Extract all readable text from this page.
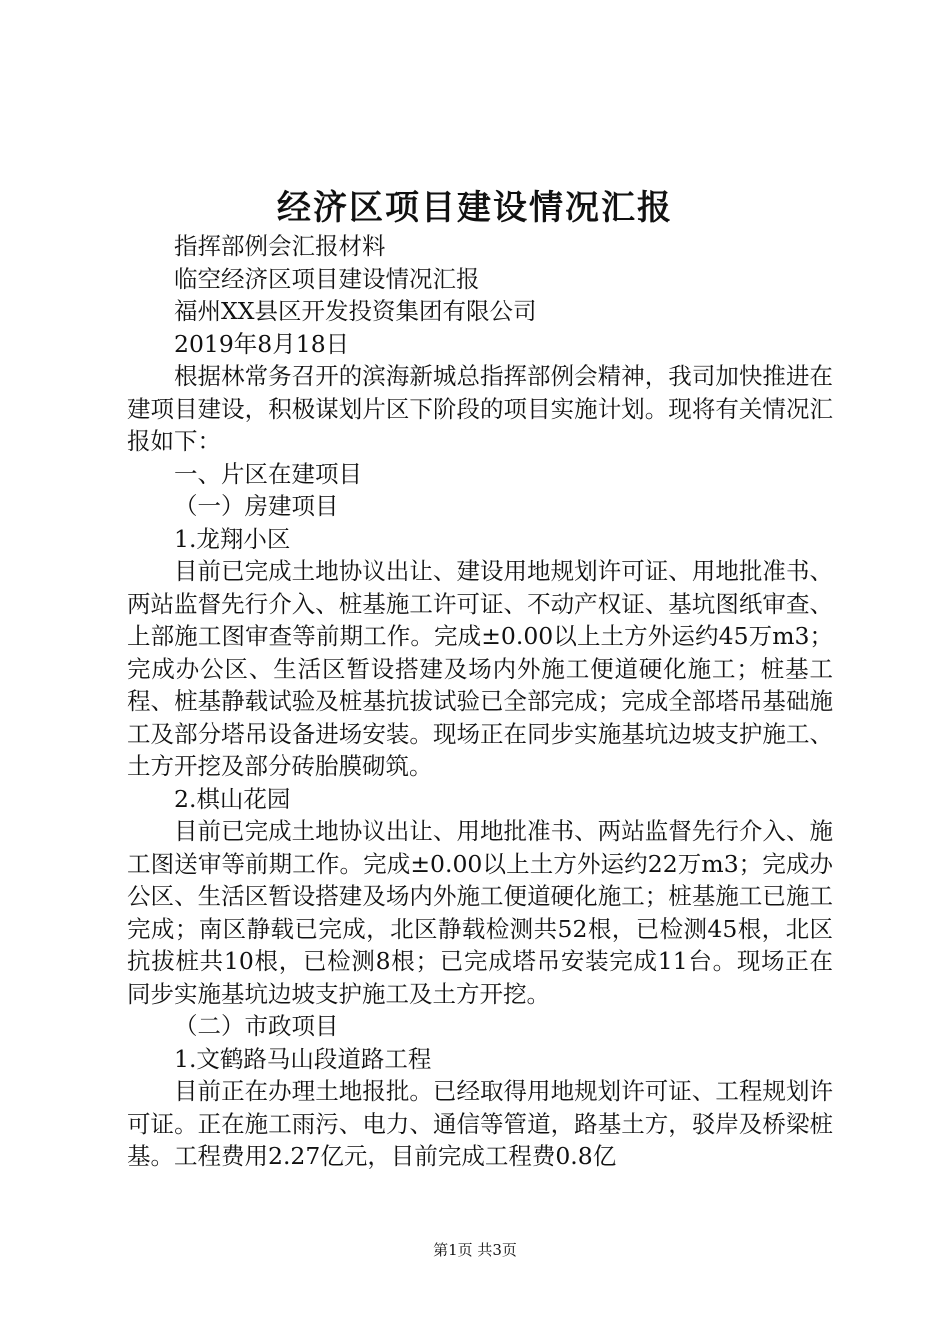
经济区项目建设情况汇报

指挥部例会汇报材料

临空经济区项目建设情况汇报

福州XX县区开发投资集团有限公司

2019年8月18日

根据林常务召开的滨海新城总指挥部例会精神，我司加快推进在建项目建设，积极谋划片区下阶段的项目实施计划。现将有关情况汇报如下：

一、片区在建项目

（一）房建项目

1.龙翔小区

目前已完成土地协议出让、建设用地规划许可证、用地批准书、两站监督先行介入、桩基施工许可证、不动产权证、基坑图纸审查、上部施工图审查等前期工作。完成±0.00以上土方外运约45万m3；完成办公区、生活区暂设搭建及场内外施工便道硬化施工；桩基工程、桩基静载试验及桩基抗拔试验已全部完成；完成全部塔吊基础施工及部分塔吊设备进场安装。现场正在同步实施基坑边坡支护施工、土方开挖及部分砖胎膜砌筑。

2.棋山花园

目前已完成土地协议出让、用地批准书、两站监督先行介入、施工图送审等前期工作。完成±0.00以上土方外运约22万m3；完成办公区、生活区暂设搭建及场内外施工便道硬化施工；桩基施工已施工完成；南区静载已完成，北区静载检测共52根，已检测45根，北区抗拔桩共10根，已检测8根；已完成塔吊安装完成11台。现场正在同步实施基坑边坡支护施工及土方开挖。

（二）市政项目

1.文鹤路马山段道路工程

目前正在办理土地报批。已经取得用地规划许可证、工程规划许可证。正在施工雨污、电力、通信等管道，路基土方，驳岸及桥梁桩基。工程费用2.27亿元，目前完成工程费0.8亿

第1页 共3页
